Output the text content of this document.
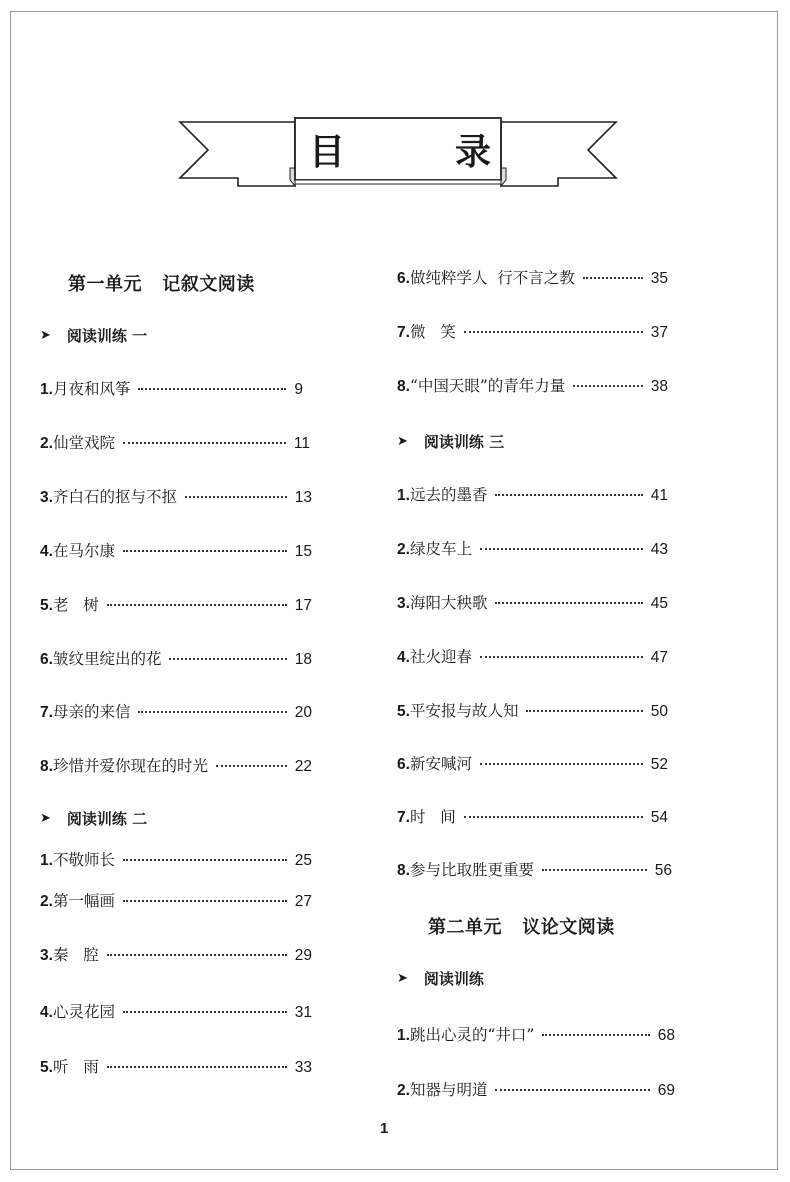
目	录
第一单元   记叙文阅读
➤ 阅读训练 一
1. 月夜和风筝	9
2. 仙堂戏院	11
3. 齐白石的抠与不抠	13
4. 在马尔康	15
5. 老   树	17
6. 皱纹里绽出的花	18
7. 母亲的来信	20
8. 珍惜并爱你现在的时光	22
➤ 阅读训练 二
1. 不敬师长	25
2. 第一幅画	27
3. 秦   腔	29
4. 心灵花园	31
5. 听   雨	33
6. 做纯粹学人  行不言之教	35
7. 微   笑	37
8. “中国天眼”的青年力量	38
➤ 阅读训练 三
1. 远去的墨香	41
2. 绿皮车上	43
3. 海阳大秧歌	45
4. 社火迎春	47
5. 平安报与故人知	50
6. 新安喊河	52
7. 时   间	54
8. 参与比取胜更重要	56
第二单元   议论文阅读
➤ 阅读训练
1. 跳出心灵的“井口”	68
2. 知器与明道	69
1
